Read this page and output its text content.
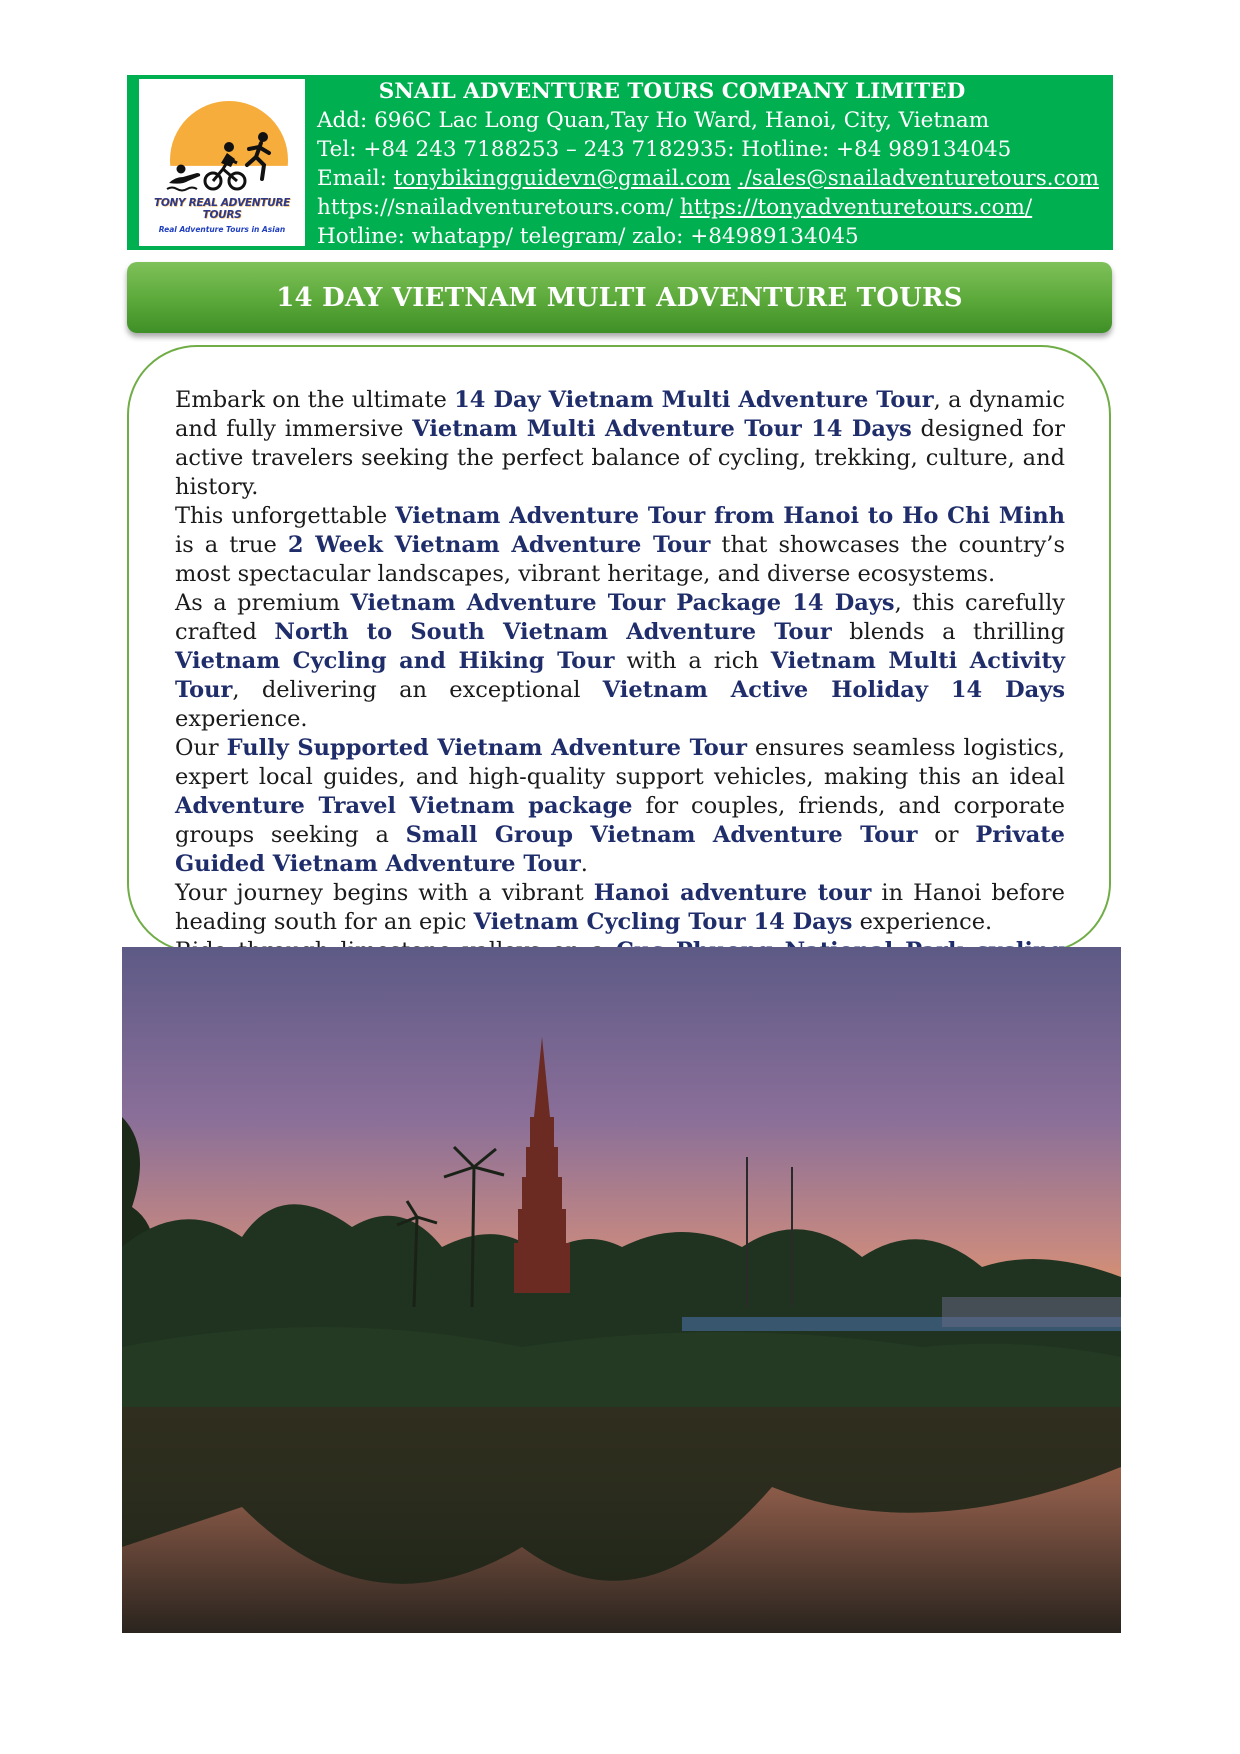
TONY REAL ADVENTURE TOURS
Real Adventure Tours in Asian
SNAIL ADVENTURE TOURS COMPANY LIMITED
Add: 696C Lac Long Quan,Tay Ho Ward, Hanoi, City, Vietnam
Tel: +84 243 7188253 – 243 7182935: Hotline: +84 989134045
Email: tonybikingguidevn@gmail.com ./sales@snailadventuretours.com
https://snailadventuretours.com/ https://tonyadventuretours.com/
Hotline: whatapp/ telegram/ zalo: +84989134045
14 DAY VIETNAM MULTI ADVENTURE TOURS

Embark on the ultimate 14 Day Vietnam Multi Adventure Tour, a dynamic and fully immersive Vietnam Multi Adventure Tour 14 Days designed for active travelers seeking the perfect balance of cycling, trekking, culture, and history.

This unforgettable Vietnam Adventure Tour from Hanoi to Ho Chi Minh is a true 2 Week Vietnam Adventure Tour that showcases the country’s most spectacular landscapes, vibrant heritage, and diverse ecosystems.

As a premium Vietnam Adventure Tour Package 14 Days, this carefully crafted North to South Vietnam Adventure Tour blends a thrilling Vietnam Cycling and Hiking Tour with a rich Vietnam Multi Activity Tour, delivering an exceptional Vietnam Active Holiday 14 Days experience.

Our Fully Supported Vietnam Adventure Tour ensures seamless logistics, expert local guides, and high-quality support vehicles, making this an ideal Adventure Travel Vietnam package for couples, friends, and corporate groups seeking a Small Group Vietnam Adventure Tour or Private Guided Vietnam Adventure Tour.

Your journey begins with a vibrant Hanoi adventure tour in Hanoi before heading south for an epic Vietnam Cycling Tour 14 Days experience.
